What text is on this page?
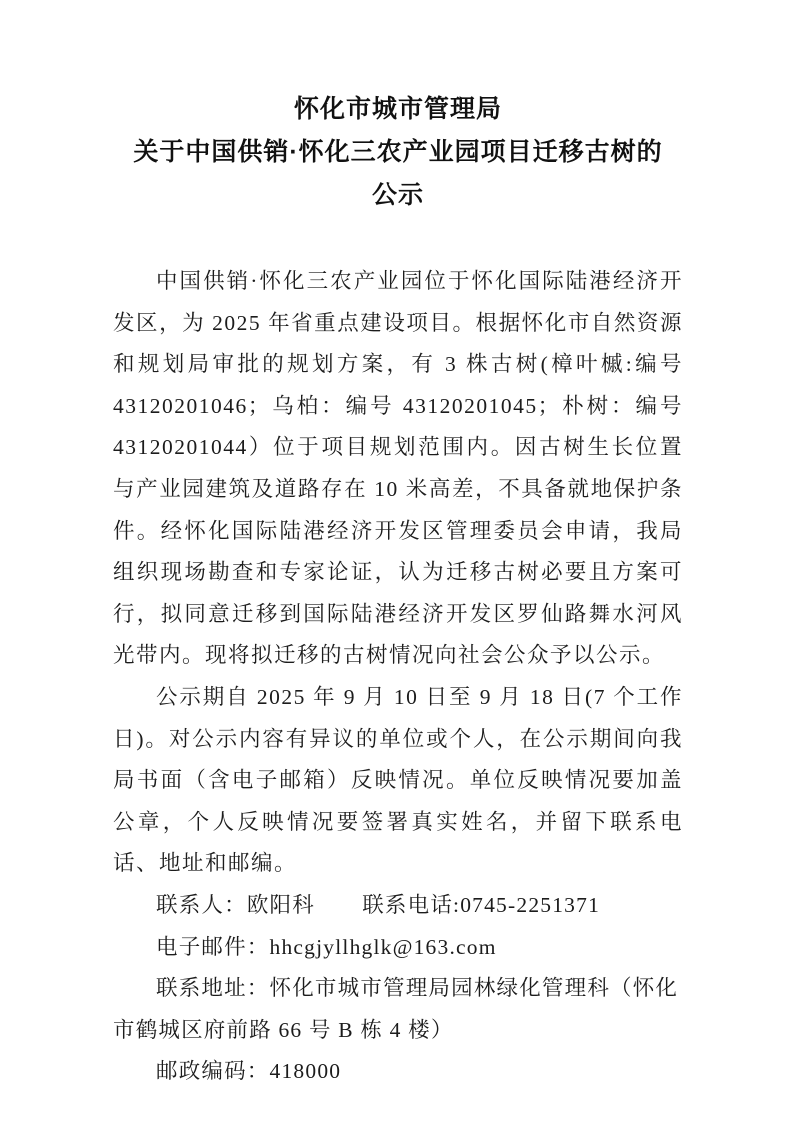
怀化市城市管理局
关于中国供销·怀化三农产业园项目迁移古树的
公示

中国供销·怀化三农产业园位于怀化国际陆港经济开发区，为 2025 年省重点建设项目。根据怀化市自然资源和规划局审批的规划方案，有 3 株古树(樟叶槭:编号 43120201046；乌柏：编号 43120201045；朴树：编号 43120201044）位于项目规划范围内。因古树生长位置与产业园建筑及道路存在 10 米高差，不具备就地保护条件。经怀化国际陆港经济开发区管理委员会申请，我局组织现场勘查和专家论证，认为迁移古树必要且方案可行，拟同意迁移到国际陆港经济开发区罗仙路舞水河风光带内。现将拟迁移的古树情况向社会公众予以公示。

公示期自 2025 年 9 月 10 日至 9 月 18 日(7 个工作日)。对公示内容有异议的单位或个人，在公示期间向我局书面（含电子邮箱）反映情况。单位反映情况要加盖公章，个人反映情况要签署真实姓名，并留下联系电话、地址和邮编。

联系人：欧阳科 联系电话:0745-2251371

电子邮件：hhcgjyllhglk@163.com

联系地址：怀化市城市管理局园林绿化管理科（怀化市鹤城区府前路 66 号 B 栋 4 楼）

邮政编码：418000
